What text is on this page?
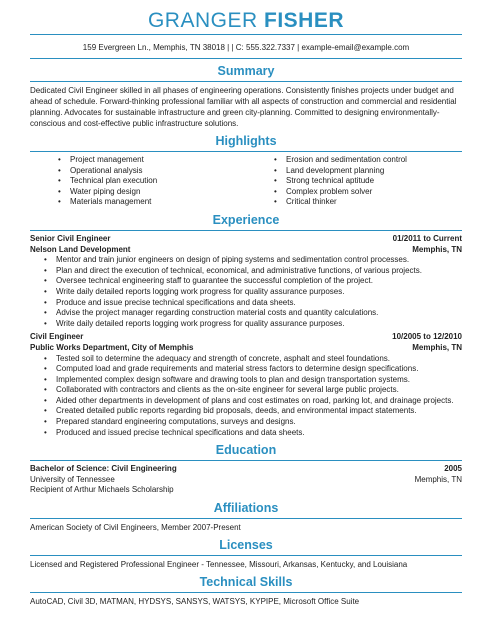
GRANGER FISHER
159 Evergreen Ln., Memphis, TN 38018 | | C: 555.322.7337 | example-email@example.com
Summary

Dedicated Civil Engineer skilled in all phases of engineering operations. Consistently finishes projects under budget and ahead of schedule. Forward-thinking professional familiar with all aspects of construction and commercial and residential planning. Advocates for sustainable infrastructure and green city-planning. Committed to designing environmentally-conscious and cost-effective public infrastructure solutions.

Highlights
• Project management
• Operational analysis
• Technical plan execution
• Water piping design
• Materials management
• Erosion and sedimentation control
• Land development planning
• Strong technical aptitude
• Complex problem solver
• Critical thinker
Experience
Senior Civil Engineer	01/2011 to Current
Nelson Land Development	Memphis, TN
• Mentor and train junior engineers on design of piping systems and sedimentation control processes.
• Plan and direct the execution of technical, economical, and administrative functions, of various projects.
• Oversee technical engineering staff to guarantee the successful completion of the project.
• Write daily detailed reports logging work progress for quality assurance purposes.
• Produce and issue precise technical specifications and data sheets.
• Advise the project manager regarding construction material costs and quantity calculations.
• Write daily detailed reports logging work progress for quality assurance purposes.
Civil Engineer	10/2005 to 12/2010
Public Works Department, City of Memphis	Memphis, TN
• Tested soil to determine the adequacy and strength of concrete, asphalt and steel foundations.
• Computed load and grade requirements and material stress factors to determine design specifications.
• Implemented complex design software and drawing tools to plan and design transportation systems.
• Collaborated with contractors and clients as the on-site engineer for several large public projects.
• Aided other departments in development of plans and cost estimates on road, parking lot, and drainage projects.
• Created detailed public reports regarding bid proposals, deeds, and environmental impact statements.
• Prepared standard engineering computations, surveys and designs.
• Produced and issued precise technical specifications and data sheets.
Education
Bachelor of Science: Civil Engineering	2005
University of Tennessee	Memphis, TN
Recipient of Arthur Michaels Scholarship
Affiliations

American Society of Civil Engineers, Member 2007-Present

Licenses

Licensed and Registered Professional Engineer - Tennessee, Missouri, Arkansas, Kentucky, and Louisiana

Technical Skills

AutoCAD, Civil 3D, MATMAN, HYDSYS, SANSYS, WATSYS, KYPIPE, Microsoft Office Suite
